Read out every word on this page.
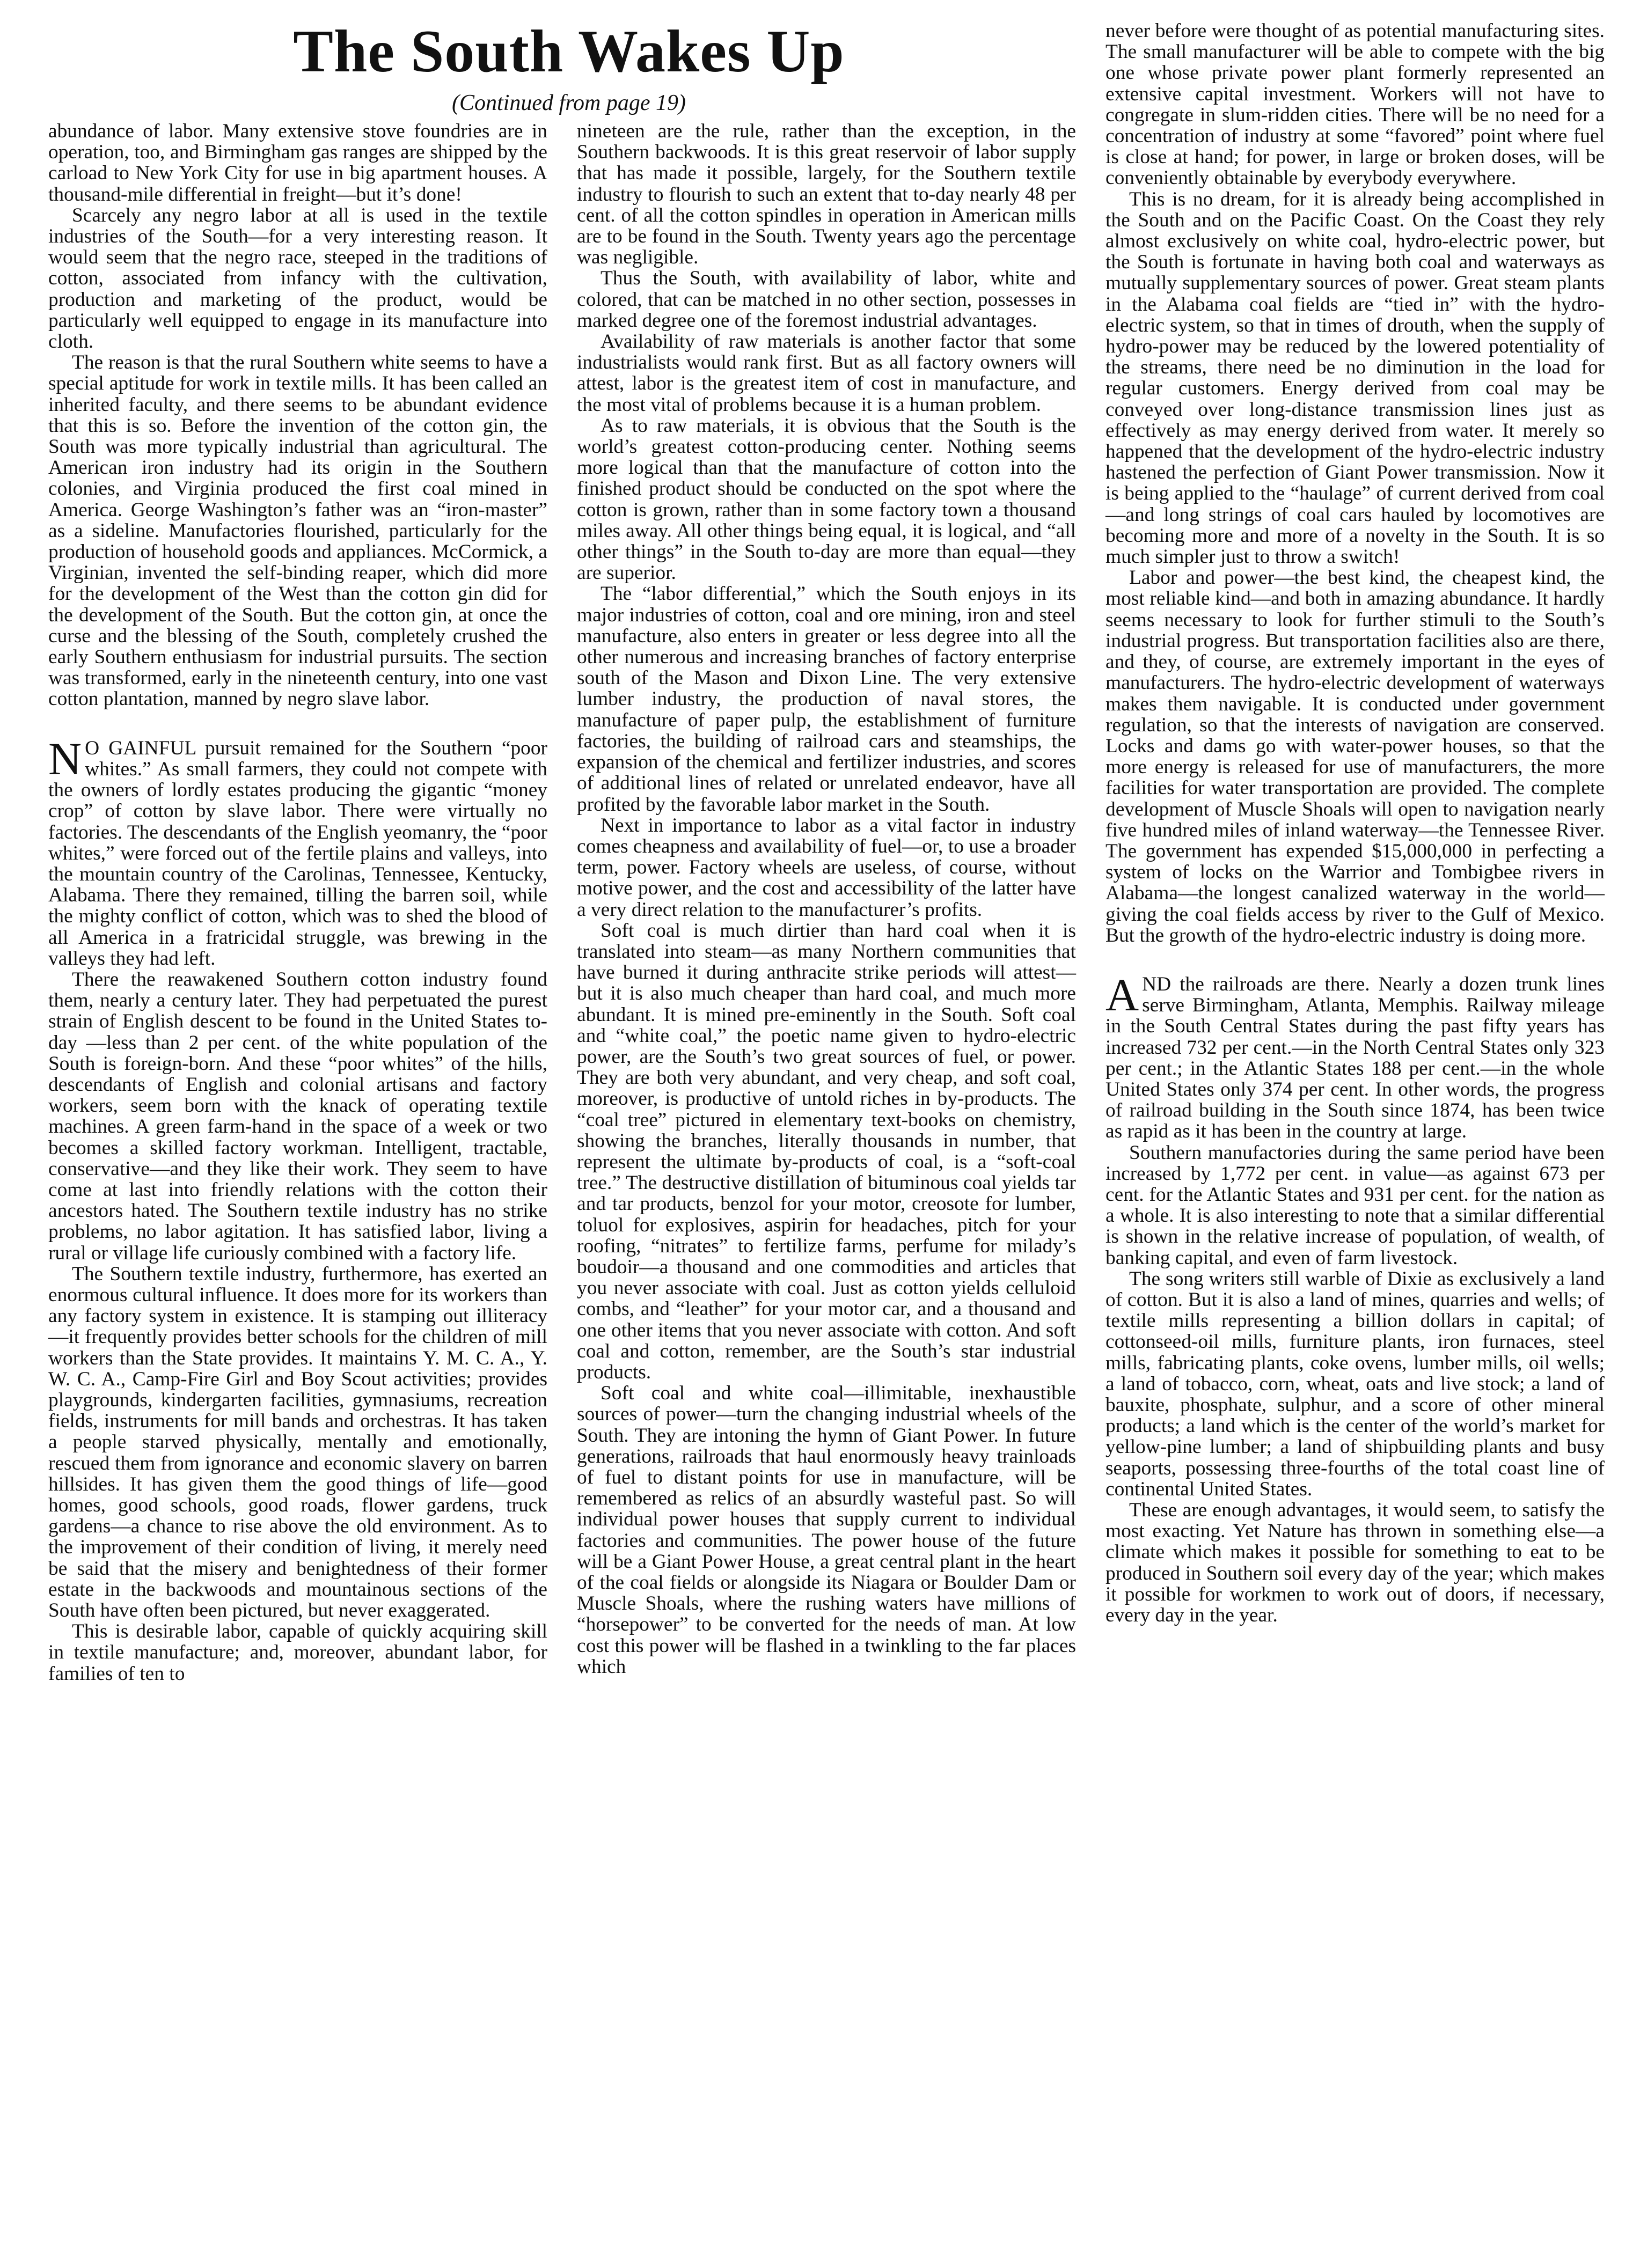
The South Wakes Up
(Continued from page 19)

abundance of labor. Many extensive stove foundries are in operation, too, and Birmingham gas ranges are shipped by the carload to New York City for use in big apartment houses. A thousand-mile differential in freight—but it’s done!

Scarcely any negro labor at all is used in the textile industries of the South—for a very interesting reason. It would seem that the negro race, steeped in the traditions of cotton, associated from infancy with the cultivation, production and marketing of the product, would be particularly well equipped to engage in its manufacture into cloth.

The reason is that the rural Southern white seems to have a special aptitude for work in textile mills. It has been called an inherited faculty, and there seems to be abundant evidence that this is so. Before the invention of the cotton gin, the South was more typically industrial than agricultural. The American iron industry had its origin in the Southern colonies, and Virginia produced the first coal mined in America. George Washington’s father was an “iron-master” as a sideline. Manufactories flourished, particularly for the production of household goods and appliances. McCormick, a Virginian, invented the self-binding reaper, which did more for the development of the West than the cotton gin did for the development of the South. But the cotton gin, at once the curse and the blessing of the South, completely crushed the early Southern enthusiasm for industrial pursuits. The section was transformed, early in the nineteenth century, into one vast cotton plantation, manned by negro slave labor.

N O GAINFUL pursuit remained for the Southern “poor whites.” As small farmers, they could not compete with the owners of lordly estates producing the gigantic “money crop” of cotton by slave labor. There were virtually no factories. The descendants of the English yeomanry, the “poor whites,” were forced out of the fertile plains and valleys, into the mountain country of the Carolinas, Tennessee, Kentucky, Alabama. There they remained, tilling the barren soil, while the mighty conflict of cotton, which was to shed the blood of all America in a fratricidal struggle, was brewing in the valleys they had left.

There the reawakened Southern cotton industry found them, nearly a century later. They had perpetuated the purest strain of English descent to be found in the United States to-day —less than 2 per cent. of the white population of the South is foreign-born. And these “poor whites” of the hills, descendants of English and colonial artisans and factory workers, seem born with the knack of operating textile machines. A green farm-hand in the space of a week or two becomes a skilled factory workman. Intelligent, tractable, conservative—and they like their work. They seem to have come at last into friendly relations with the cotton their ancestors hated. The Southern textile industry has no strike problems, no labor agitation. It has satisfied labor, living a rural or village life curiously combined with a factory life.

The Southern textile industry, furthermore, has exerted an enormous cultural influence. It does more for its workers than any factory system in existence. It is stamping out illiteracy —it frequently provides better schools for the children of mill workers than the State provides. It maintains Y. M. C. A., Y. W. C. A., Camp-Fire Girl and Boy Scout activities; provides playgrounds, kindergarten facilities, gymnasiums, recreation fields, instruments for mill bands and orchestras. It has taken a people starved physically, mentally and emotionally, rescued them from ignorance and economic slavery on barren hillsides. It has given them the good things of life—good homes, good schools, good roads, flower gardens, truck gardens—a chance to rise above the old environment. As to the improvement of their condition of living, it merely need be said that the misery and benightedness of their former estate in the backwoods and mountainous sections of the South have often been pictured, but never exaggerated.

This is desirable labor, capable of quickly acquiring skill in textile manufacture; and, moreover, abundant labor, for families of ten to

nineteen are the rule, rather than the exception, in the Southern backwoods. It is this great reservoir of labor supply that has made it possible, largely, for the Southern textile industry to flourish to such an extent that to-day nearly 48 per cent. of all the cotton spindles in operation in American mills are to be found in the South. Twenty years ago the percentage was negligible.

Thus the South, with availability of labor, white and colored, that can be matched in no other section, possesses in marked degree one of the foremost industrial advantages.

Availability of raw materials is another factor that some industrialists would rank first. But as all factory owners will attest, labor is the greatest item of cost in manufacture, and the most vital of problems because it is a human problem.

As to raw materials, it is obvious that the South is the world’s greatest cotton-producing center. Nothing seems more logical than that the manufacture of cotton into the finished product should be conducted on the spot where the cotton is grown, rather than in some factory town a thousand miles away. All other things being equal, it is logical, and “all other things” in the South to-day are more than equal—they are superior.

The “labor differential,” which the South enjoys in its major industries of cotton, coal and ore mining, iron and steel manufacture, also enters in greater or less degree into all the other numerous and increasing branches of factory enterprise south of the Mason and Dixon Line. The very extensive lumber industry, the production of naval stores, the manufacture of paper pulp, the establishment of furniture factories, the building of railroad cars and steamships, the expansion of the chemical and fertilizer industries, and scores of additional lines of related or unrelated endeavor, have all profited by the favorable labor market in the South.

Next in importance to labor as a vital factor in industry comes cheapness and availability of fuel—or, to use a broader term, power. Factory wheels are useless, of course, without motive power, and the cost and accessibility of the latter have a very direct relation to the manufacturer’s profits.

Soft coal is much dirtier than hard coal when it is translated into steam—as many Northern communities that have burned it during anthracite strike periods will attest—but it is also much cheaper than hard coal, and much more abundant. It is mined pre-eminently in the South. Soft coal and “white coal,” the poetic name given to hydro-electric power, are the South’s two great sources of fuel, or power. They are both very abundant, and very cheap, and soft coal, moreover, is productive of untold riches in by-products. The “coal tree” pictured in elementary text-books on chemistry, showing the branches, literally thousands in number, that represent the ultimate by-products of coal, is a “soft-coal tree.” The destructive distillation of bituminous coal yields tar and tar products, benzol for your motor, creosote for lumber, toluol for explosives, aspirin for headaches, pitch for your roofing, “nitrates” to fertilize farms, perfume for milady’s boudoir—a thousand and one commodities and articles that you never associate with coal. Just as cotton yields celluloid combs, and “leather” for your motor car, and a thousand and one other items that you never associate with cotton. And soft coal and cotton, remember, are the South’s star industrial products.

Soft coal and white coal—illimitable, inexhaustible sources of power—turn the changing industrial wheels of the South. They are intoning the hymn of Giant Power. In future generations, railroads that haul enormously heavy trainloads of fuel to distant points for use in manufacture, will be remembered as relics of an absurdly wasteful past. So will individual power houses that supply current to individual factories and communities. The power house of the future will be a Giant Power House, a great central plant in the heart of the coal fields or alongside its Niagara or Boulder Dam or Muscle Shoals, where the rushing waters have millions of “horsepower” to be converted for the needs of man. At low cost this power will be flashed in a twinkling to the far places which

never before were thought of as potential manufacturing sites. The small manufacturer will be able to compete with the big one whose private power plant formerly represented an extensive capital investment. Workers will not have to congregate in slum-ridden cities. There will be no need for a concentration of industry at some “favored” point where fuel is close at hand; for power, in large or broken doses, will be conveniently obtainable by everybody everywhere.

This is no dream, for it is already being accomplished in the South and on the Pacific Coast. On the Coast they rely almost exclusively on white coal, hydro-electric power, but the South is fortunate in having both coal and waterways as mutually supplementary sources of power. Great steam plants in the Alabama coal fields are “tied in” with the hydro-electric system, so that in times of drouth, when the supply of hydro-power may be reduced by the lowered potentiality of the streams, there need be no diminution in the load for regular customers. Energy derived from coal may be conveyed over long-distance transmission lines just as effectively as may energy derived from water. It merely so happened that the development of the hydro-electric industry hastened the perfection of Giant Power transmission. Now it is being applied to the “haulage” of current derived from coal—and long strings of coal cars hauled by locomotives are becoming more and more of a novelty in the South. It is so much simpler just to throw a switch!

Labor and power—the best kind, the cheapest kind, the most reliable kind—and both in amazing abundance. It hardly seems necessary to look for further stimuli to the South’s industrial progress. But transportation facilities also are there, and they, of course, are extremely important in the eyes of manufacturers. The hydro-electric development of waterways makes them navigable. It is conducted under government regulation, so that the interests of navigation are conserved. Locks and dams go with water-power houses, so that the more energy is released for use of manufacturers, the more facilities for water transportation are provided. The complete development of Muscle Shoals will open to navigation nearly five hundred miles of inland waterway—the Tennessee River. The government has expended $15,000,000 in perfecting a system of locks on the Warrior and Tombigbee rivers in Alabama—the longest canalized waterway in the world—giving the coal fields access by river to the Gulf of Mexico. But the growth of the hydro-electric industry is doing more.

AND the railroads are there. Nearly a dozen trunk lines serve Birmingham, Atlanta, Memphis. Railway mileage in the South Central States during the past fifty years has increased 732 per cent.—in the North Central States only 323 per cent.; in the Atlantic States 188 per cent.—in the whole United States only 374 per cent. In other words, the progress of railroad building in the South since 1874, has been twice as rapid as it has been in the country at large.

Southern manufactories during the same period have been increased by 1,772 per cent. in value—as against 673 per cent. for the Atlantic States and 931 per cent. for the nation as a whole. It is also interesting to note that a similar differential is shown in the relative increase of population, of wealth, of banking capital, and even of farm livestock.

The song writers still warble of Dixie as exclusively a land of cotton. But it is also a land of mines, quarries and wells; of textile mills representing a billion dollars in capital; of cottonseed-oil mills, furniture plants, iron furnaces, steel mills, fabricating plants, coke ovens, lumber mills, oil wells; a land of tobacco, corn, wheat, oats and live stock; a land of bauxite, phosphate, sulphur, and a score of other mineral products; a land which is the center of the world’s market for yellow-pine lumber; a land of shipbuilding plants and busy seaports, possessing three-fourths of the total coast line of continental United States.

These are enough advantages, it would seem, to satisfy the most exacting. Yet Nature has thrown in something else—a climate which makes it possible for something to eat to be produced in Southern soil every day of the year; which makes it possible for workmen to work out of doors, if necessary, every day in the year.
